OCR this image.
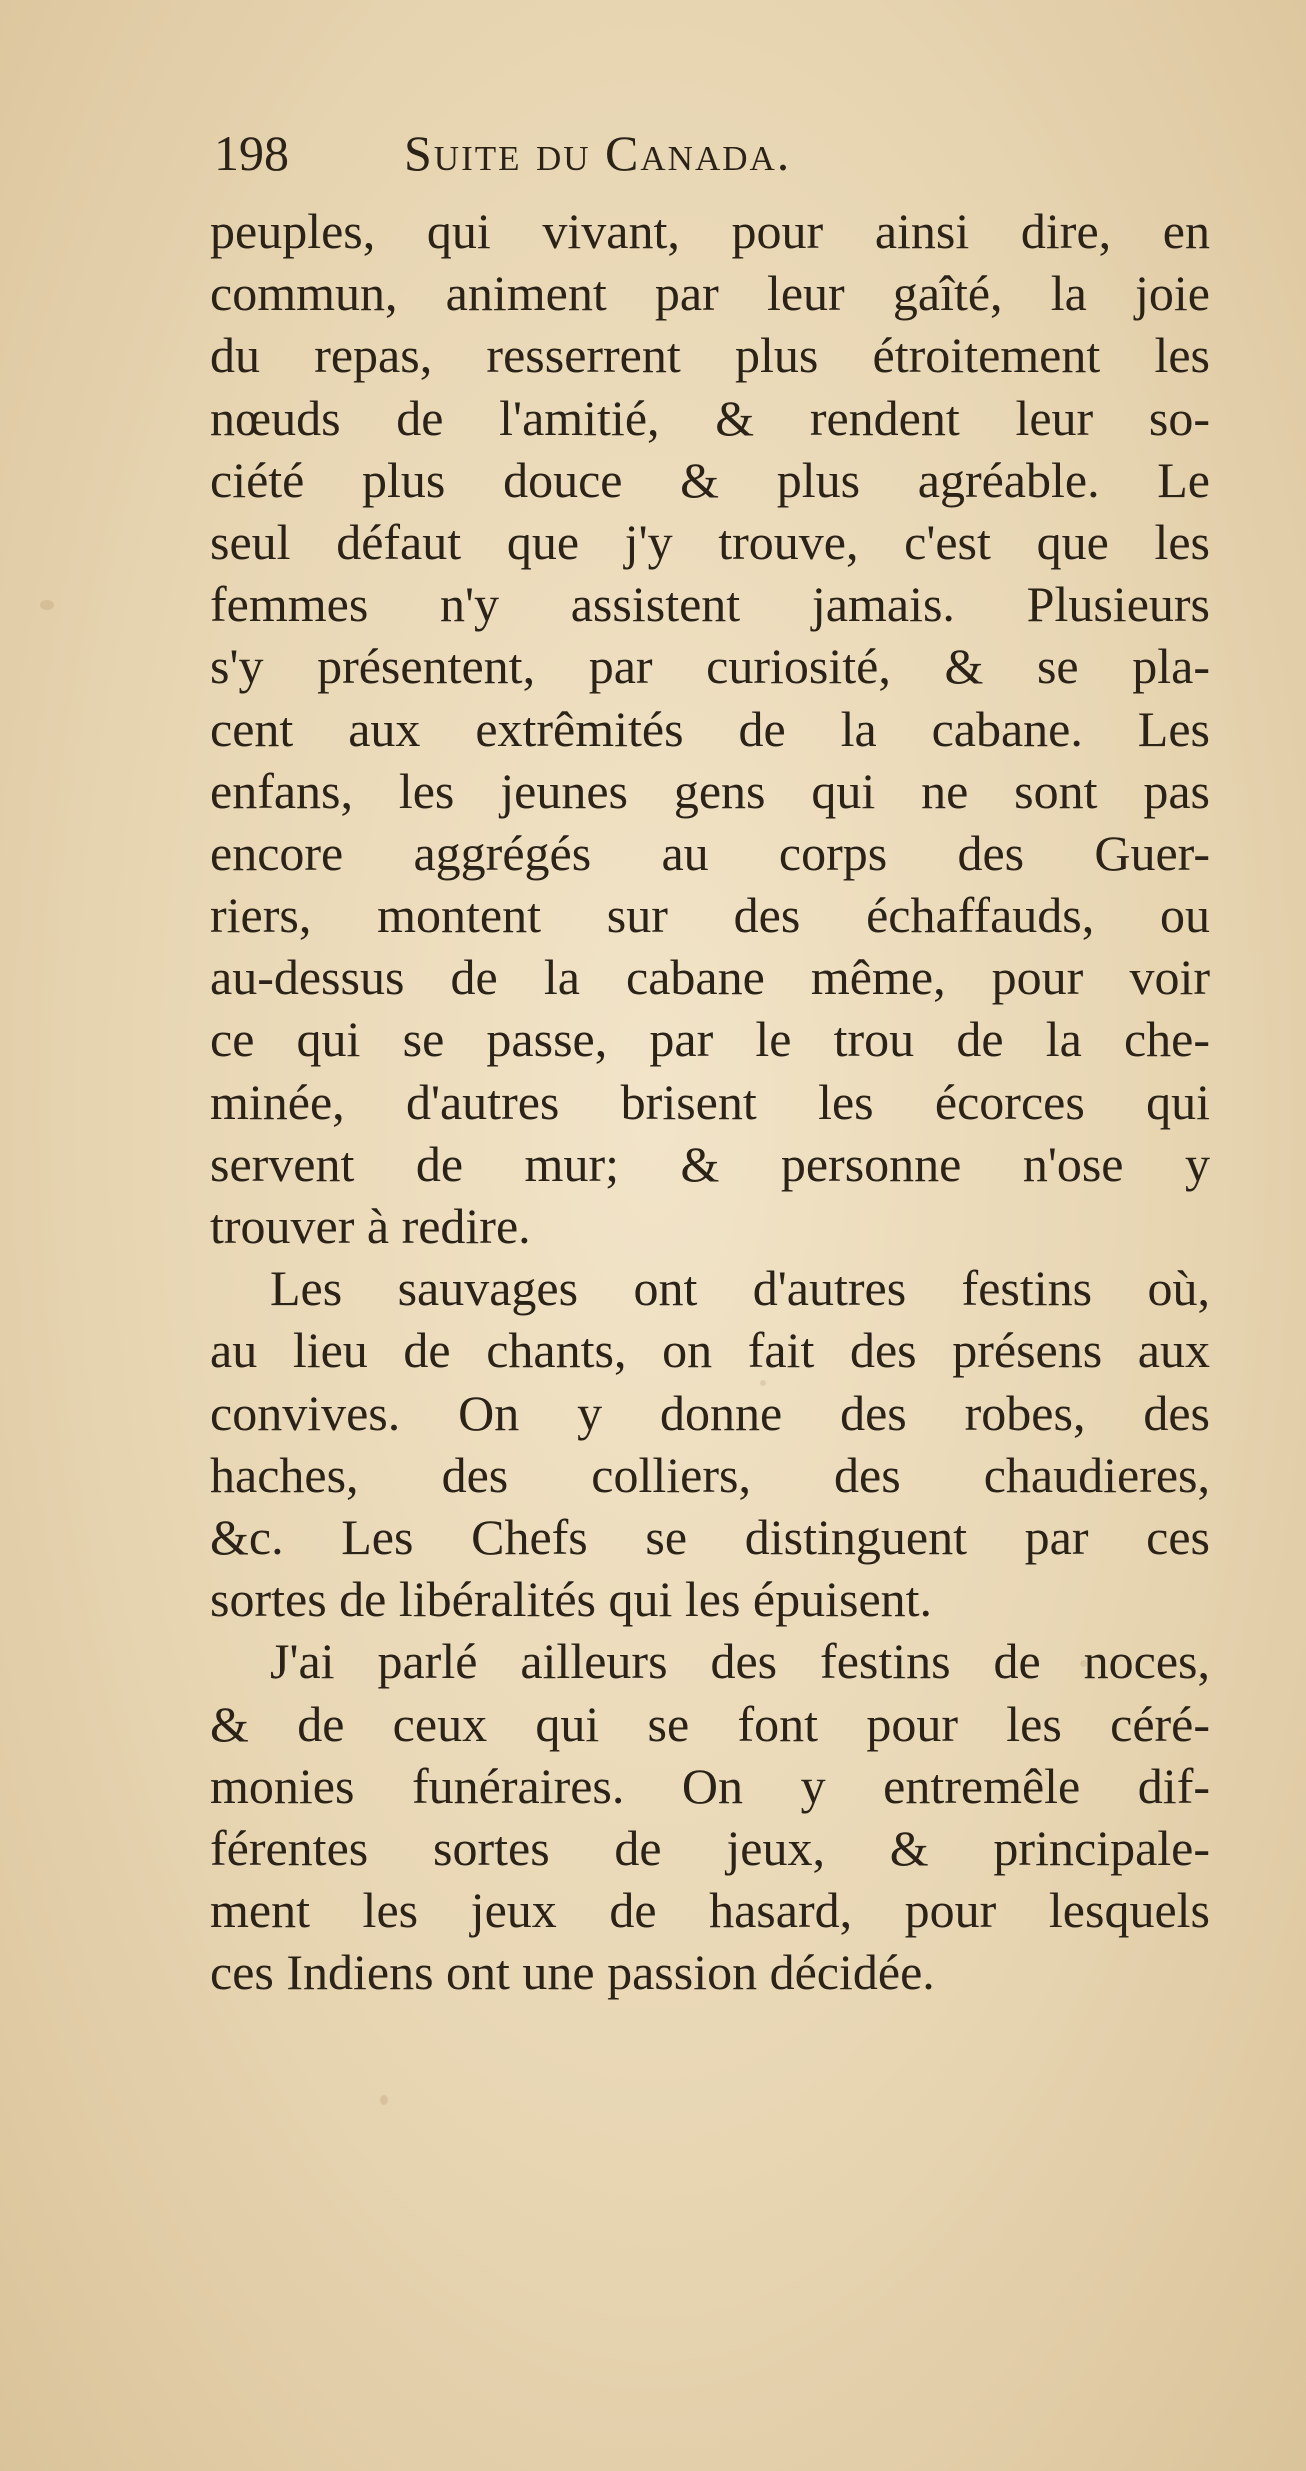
198 Suite du Canada.
peuples, qui vivant, pour ainsi dire, en
commun, animent par leur gaîté, la joie
du repas, resserrent plus étroitement les
nœuds de l'amitié, & rendent leur so-
ciété plus douce & plus agréable. Le
seul défaut que j'y trouve, c'est que les
femmes n'y assistent jamais. Plusieurs
s'y présentent, par curiosité, & se pla-
cent aux extrêmités de la cabane. Les
enfans, les jeunes gens qui ne sont pas
encore aggrégés au corps des Guer-
riers, montent sur des échaffauds, ou
au-dessus de la cabane même, pour voir
ce qui se passe, par le trou de la che-
minée, d'autres brisent les écorces qui
servent de mur; & personne n'ose y
trouver à redire.
Les sauvages ont d'autres festins où,
au lieu de chants, on fait des présens aux
convives. On y donne des robes, des
haches, des colliers, des chaudieres,
&c. Les Chefs se distinguent par ces
sortes de libéralités qui les épuisent.
J'ai parlé ailleurs des festins de noces,
& de ceux qui se font pour les céré-
monies funéraires. On y entremêle dif-
férentes sortes de jeux, & principale-
ment les jeux de hasard, pour lesquels
ces Indiens ont une passion décidée.
